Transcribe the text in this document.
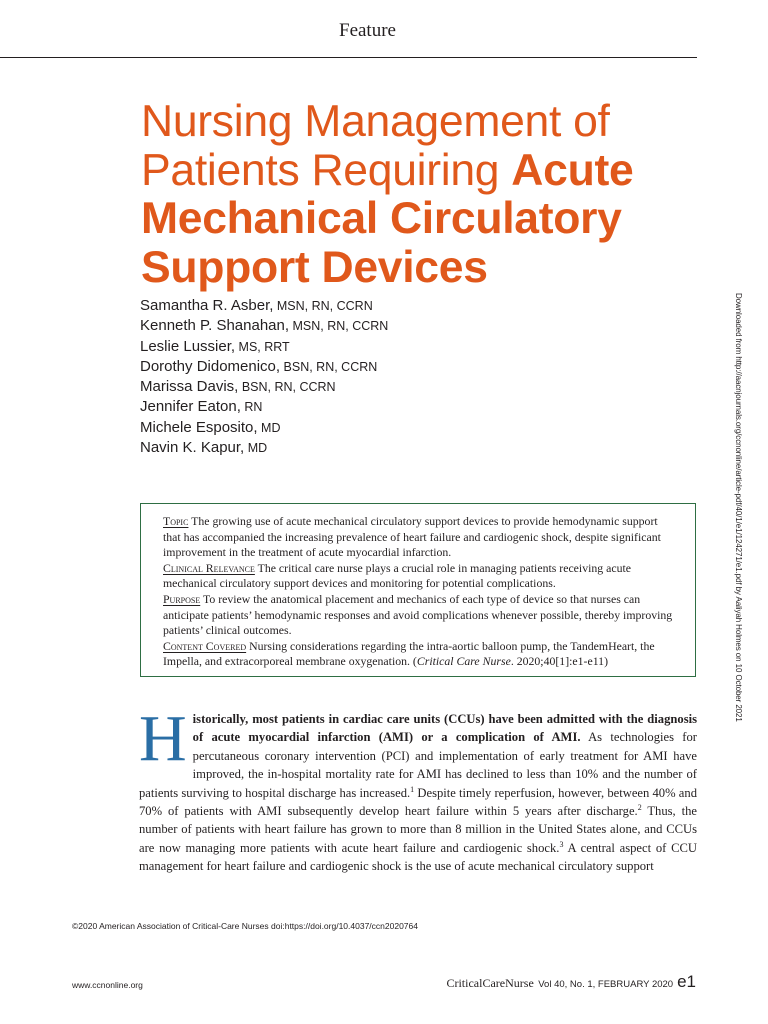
Feature
Nursing Management of Patients Requiring Acute Mechanical Circulatory Support Devices
Samantha R. Asber, MSN, RN, CCRN
Kenneth P. Shanahan, MSN, RN, CCRN
Leslie Lussier, MS, RRT
Dorothy Didomenico, BSN, RN, CCRN
Marissa Davis, BSN, RN, CCRN
Jennifer Eaton, RN
Michele Esposito, MD
Navin K. Kapur, MD	Downloaded from http://aacnjournals.org/ccnonline/article-pdf/40/1/e1/124271/e1.pdf by Aaliyah Holmes on 10 October 2021

Topic The growing use of acute mechanical circulatory support devices to provide hemodynamic support that has accompanied the increasing prevalence of heart failure and cardiogenic shock, despite significant improvement in the treatment of acute myocardial infarction.

Clinical Relevance The critical care nurse plays a crucial role in managing patients receiving acute mechanical circulatory support devices and monitoring for potential complications.

Purpose To review the anatomical placement and mechanics of each type of device so that nurses can anticipate patients’ hemodynamic responses and avoid complications whenever possible, thereby improving patients’ clinical outcomes.

Content Covered Nursing considerations regarding the intra-aortic balloon pump, the TandemHeart, the Impella, and extracorporeal membrane oxygenation. (Critical Care Nurse. 2020;40[1]:e1-e11)

Historically, most patients in cardiac care units (CCUs) have been admitted with the diagnosis of acute myocardial infarction (AMI) or a complication of AMI. As technologies for percutaneous coronary intervention (PCI) and implementation of early treatment for AMI have improved, the in-hospital mortality rate for AMI has declined to less than 10% and the number of patients surviving to hospital discharge has increased.$^1$ Despite timely reperfusion, however, between 40% and 70% of patients with AMI subsequently develop heart failure within 5 years after discharge.$^2$ Thus, the number of patients with heart failure has grown to more than 8 million in the United States alone, and CCUs are now managing more patients with acute heart failure and cardiogenic shock.$^3$ A central aspect of CCU management for heart failure and cardiogenic shock is the use of acute mechanical circulatory support

©2020 American Association of Critical-Care Nurses doi:https://doi.org/10.4037/ccn2020764
www.ccnonline.org	CriticalCareNurse Vol 40, No. 1, FEBRUARY 2020 e1
